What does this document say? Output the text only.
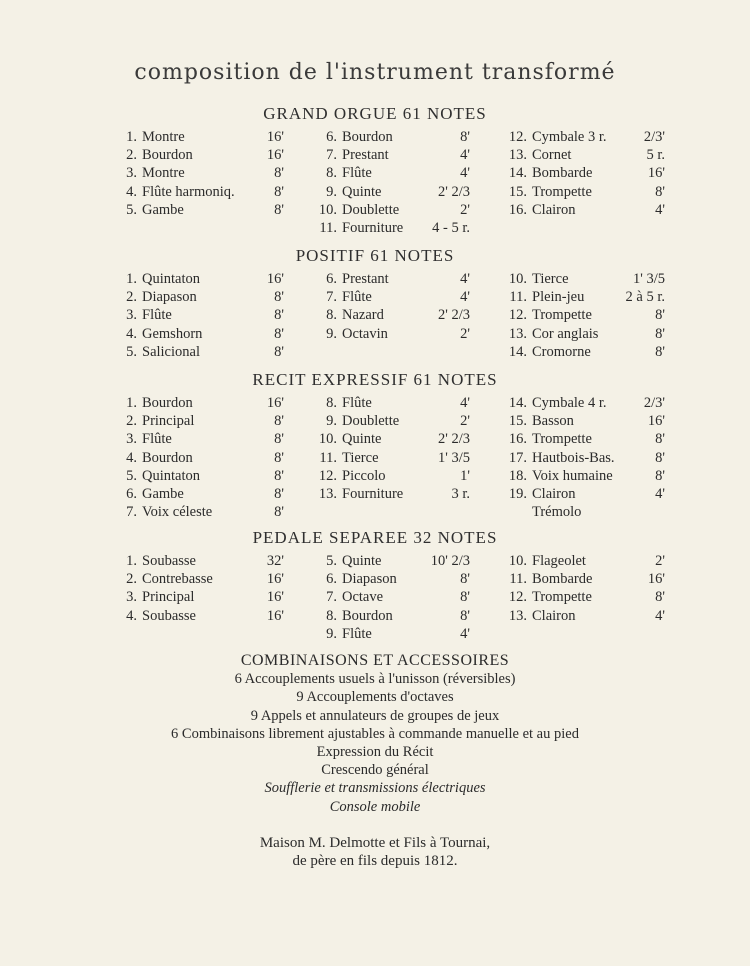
composition de l'instrument transformé
GRAND ORGUE 61 NOTES
1. Montre	16'
2. Bourdon	16'
3. Montre	8'
4. Flûte harmoniq.	8'
5. Gambe	8'
6. Bourdon	8'
7. Prestant	4'
8. Flûte	4'
9. Quinte	2' 2/3
10. Doublette	2'
11. Fourniture	4 - 5 r.
12. Cymbale 3 r.	2/3'
13. Cornet	5 r.
14. Bombarde	16'
15. Trompette	8'
16. Clairon	4'
POSITIF 61 NOTES
1. Quintaton	16'
2. Diapason	8'
3. Flûte	8'
4. Gemshorn	8'
5. Salicional	8'
6. Prestant	4'
7. Flûte	4'
8. Nazard	2' 2/3
9. Octavin	2'
10. Tierce	1' 3/5
11. Plein-jeu	2 à 5 r.
12. Trompette	8'
13. Cor anglais	8'
14. Cromorne	8'
RECIT EXPRESSIF 61 NOTES
1. Bourdon	16'
2. Principal	8'
3. Flûte	8'
4. Bourdon	8'
5. Quintaton	8'
6. Gambe	8'
7. Voix céleste	8'
8. Flûte	4'
9. Doublette	2'
10. Quinte	2' 2/3
11. Tierce	1' 3/5
12. Piccolo	1'
13. Fourniture	3 r.
14. Cymbale 4 r.	2/3'
15. Basson	16'
16. Trompette	8'
17. Hautbois-Bas.	8'
18. Voix humaine	8'
19. Clairon	4'
Trémolo
PEDALE SEPAREE 32 NOTES
1. Soubasse	32'
2. Contrebasse	16'
3. Principal	16'
4. Soubasse	16'
5. Quinte	10' 2/3
6. Diapason	8'
7. Octave	8'
8. Bourdon	8'
9. Flûte	4'
10. Flageolet	2'
11. Bombarde	16'
12. Trompette	8'
13. Clairon	4'
COMBINAISONS ET ACCESSOIRES
6 Accouplements usuels à l'unisson (réversibles)
9 Accouplements d'octaves
9 Appels et annulateurs de groupes de jeux
6 Combinaisons librement ajustables à commande manuelle et au pied
Expression du Récit
Crescendo général
Soufflerie et transmissions électriques
Console mobile
Maison M. Delmotte et Fils à Tournai,
de père en fils depuis 1812.
